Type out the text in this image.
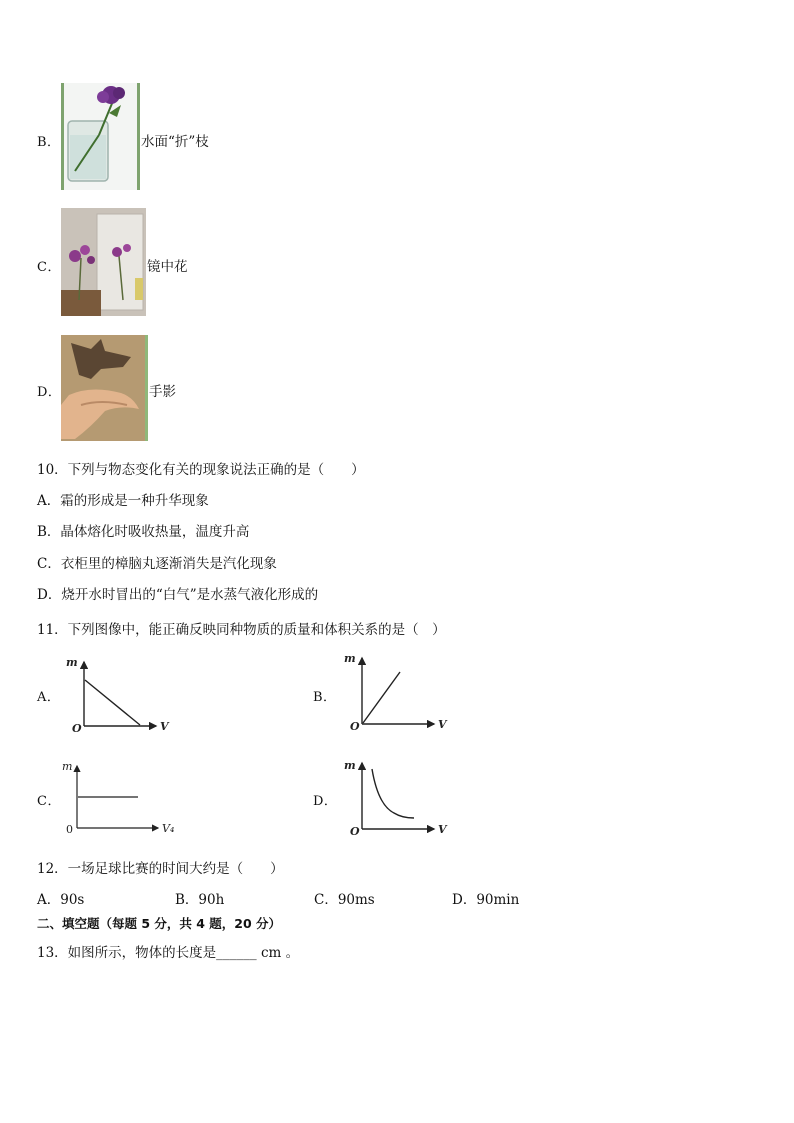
B．	水面“折”枝
C．	镜中花
D．	手影
10．下列与物态变化有关的现象说法正确的是（　　）
A．霜的形成是一种升华现象
B．晶体熔化时吸收热量，温度升高
C．衣柜里的樟脑丸逐渐消失是汽化现象
D．烧开水时冒出的“白气”是水蒸气液化形成的
11．下列图像中，能正确反映同种物质的质量和体积关系的是（　）
A．
m
O	V
B．
m
O	V
C．
m
0	V₄
D．
m
O	V
12．一场足球比赛的时间大约是（　　）
A．90s	B．90h	C．90ms	D．90min
二、填空题（每题 5 分，共 4 题，20 分）
13．如图所示，物体的长度是______ cm 。
